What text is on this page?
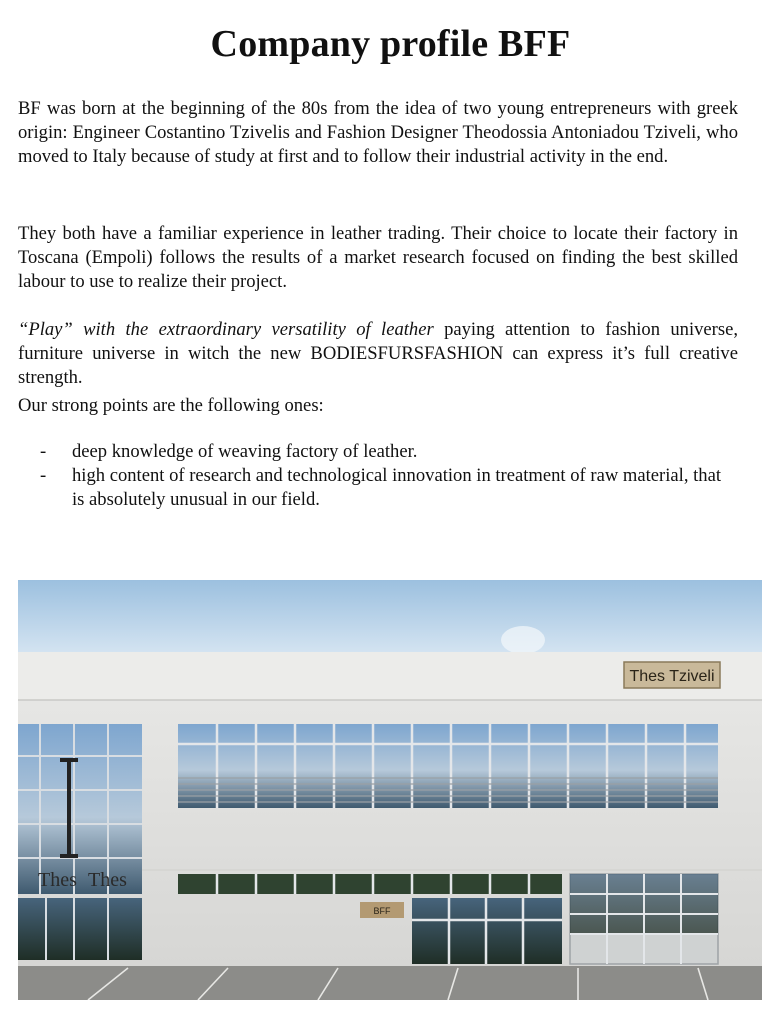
Company profile BFF

BF was born at the beginning of the 80s from the idea of two young entrepreneurs with greek origin: Engineer Costantino Tzivelis and Fashion Designer Theodossia Antoniadou Tziveli, who moved to Italy because of study at first and to follow their industrial activity in the end.

They both have a familiar experience in leather trading. Their choice to locate their factory in Toscana (Empoli) follows the results of a market research focused on finding the best skilled labour to use to realize their project.

“Play” with the extraordinary versatility of leather paying attention to fashion universe, furniture universe in witch the new BODIESFURSFASHION can express it’s full creative strength.

Our strong points are the following ones:

- deep knowledge of weaving factory of leather.
- high content of research and technological innovation in treatment of raw material, that is absolutely unusual in our field.
Thes Tziveli
Thes Thes
BFF
